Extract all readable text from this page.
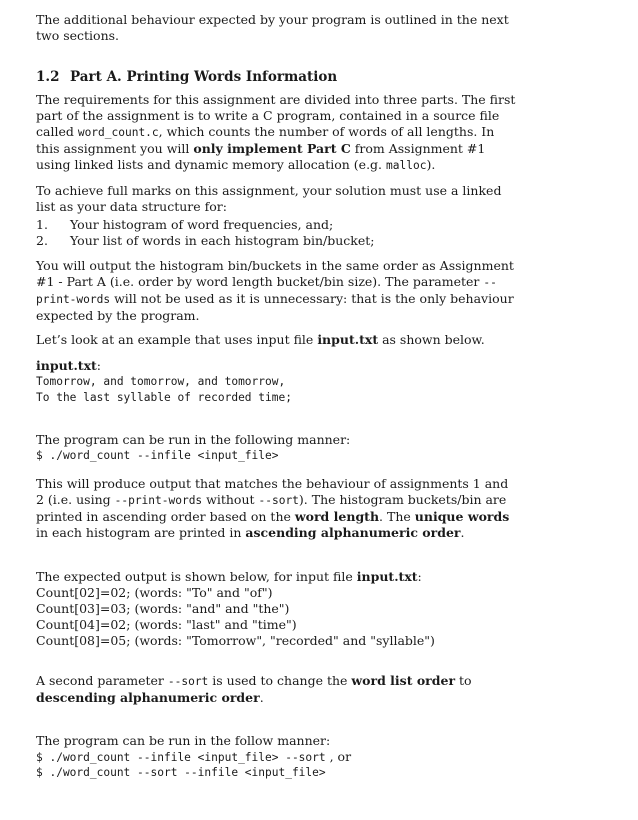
The additional behaviour expected by your program is outlined in the next two sections.

1.2 Part A. Printing Words Information

The requirements for this assignment are divided into three parts. The first part of the assignment is to write a C program, contained in a source file called word_count.c, which counts the number of words of all lengths. In this assignment you will only implement Part C from Assignment #1 using linked lists and dynamic memory allocation (e.g. malloc).

To achieve full marks on this assignment, your solution must use a linked list as your data structure for:

1.	Your histogram of word frequencies, and;
2.	Your list of words in each histogram bin/bucket;

You will output the histogram bin/buckets in the same order as Assignment #1 - Part A (i.e. order by word length bucket/bin size). The parameter --print-words will not be used as it is unnecessary: that is the only behaviour expected by the program.

Let’s look at an example that uses input file input.txt as shown below.

input.txt:

Tomorrow, and tomorrow, and tomorrow,

To the last syllable of recorded time;

The program can be run in the following manner:

$ ./word_count --infile <input_file>

This will produce output that matches the behaviour of assignments 1 and 2 (i.e. using --print-words without --sort). The histogram buckets/bin are printed in ascending order based on the word length. The unique words in each histogram are printed in ascending alphanumeric order.

The expected output is shown below, for input file input.txt:

Count[02]=02; (words: "To" and "of")

Count[03]=03; (words: "and" and "the")

Count[04]=02; (words: "last" and "time")

Count[08]=05; (words: "Tomorrow", "recorded" and "syllable")

A second parameter --sort is used to change the word list order to descending alphanumeric order.

The program can be run in the follow manner:

$ ./word_count --infile <input_file> --sort , or

$ ./word_count --sort --infile <input_file>
